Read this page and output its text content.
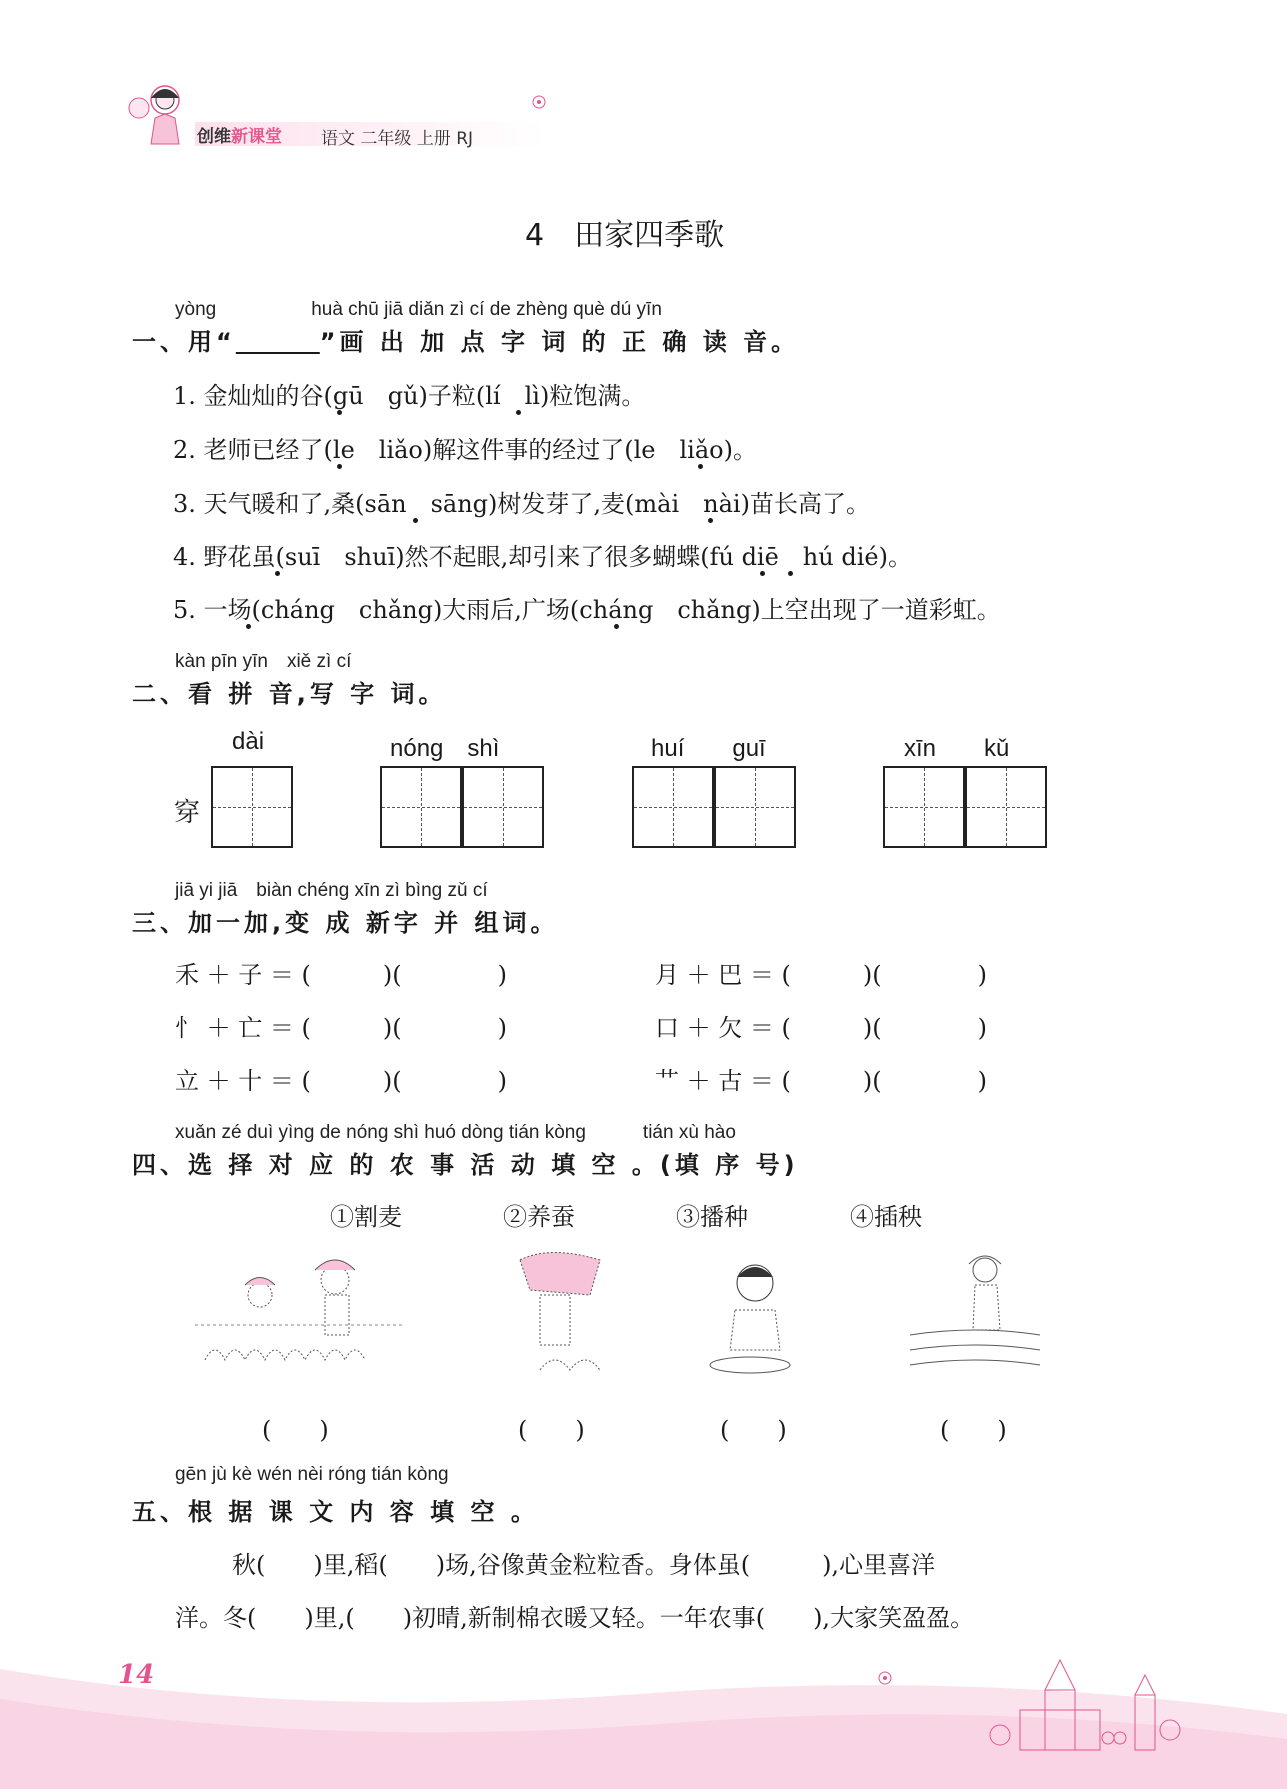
创维新课堂 语文 二年级 上册 RJ
4　田家四季歌
yòng　　　　　huà chū jiā diǎn zì cí de zhèng què dú yīn
一、用“　　　	”画 出 加 点 字 词 的 正 确 读 音。
1. 金灿灿的谷(gū　gǔ)子粒(lí　lì)粒饱满。
2. 老师已经了(le　liǎo)解这件事的经过了(le　liǎo)。
3. 天气暖和了,桑(sān　sāng)树发芽了,麦(mài　nài)苗长高了。
4. 野花虽(suī　shuī)然不起眼,却引来了很多蝴蝶(fú diē　hú dié)。
5. 一场(cháng　chǎng)大雨后,广场(cháng　chǎng)上空出现了一道彩虹。
kàn pīn yīn　xiě zì cí
二、看 拼 音,写 字 词。
dài
穿
nóng　shì	huí　　guī	xīn　　kǔ
jiā yi jiā　biàn chéng xīn zì bìng zǔ cí
三、加一加,变 成 新字 并 组词。
禾 ＋ 子 ＝ (　　　)(　　　　)
忄 ＋ 亡 ＝ (　　　)(　　　　)
立 ＋ 十 ＝ (　　　)(　　　　)
月 ＋ 巴 ＝ (　　　)(　　　　)
口 ＋ 欠 ＝ (　　　)(　　　　)
艹 ＋ 古 ＝ (　　　)(　　　　)
xuǎn zé duì yìng de nóng shì huó dòng tián kòng　　　tián xù hào
四、选 择 对 应 的 农 事 活 动 填 空 。(填 序 号)
①割麦	②养蚕	③播种	④插秧
(　　)	(　　)	(　　)	(　　)
gēn jù kè wén nèi róng tián kòng
五、根 据 课 文 内 容 填 空 。
秋(　　)里,稻(　　)场,谷像黄金粒粒香。身体虽(　　　),心里喜洋
洋。冬(　　)里,(　　)初晴,新制棉衣暖又轻。一年农事(　　),大家笑盈盈。
14
